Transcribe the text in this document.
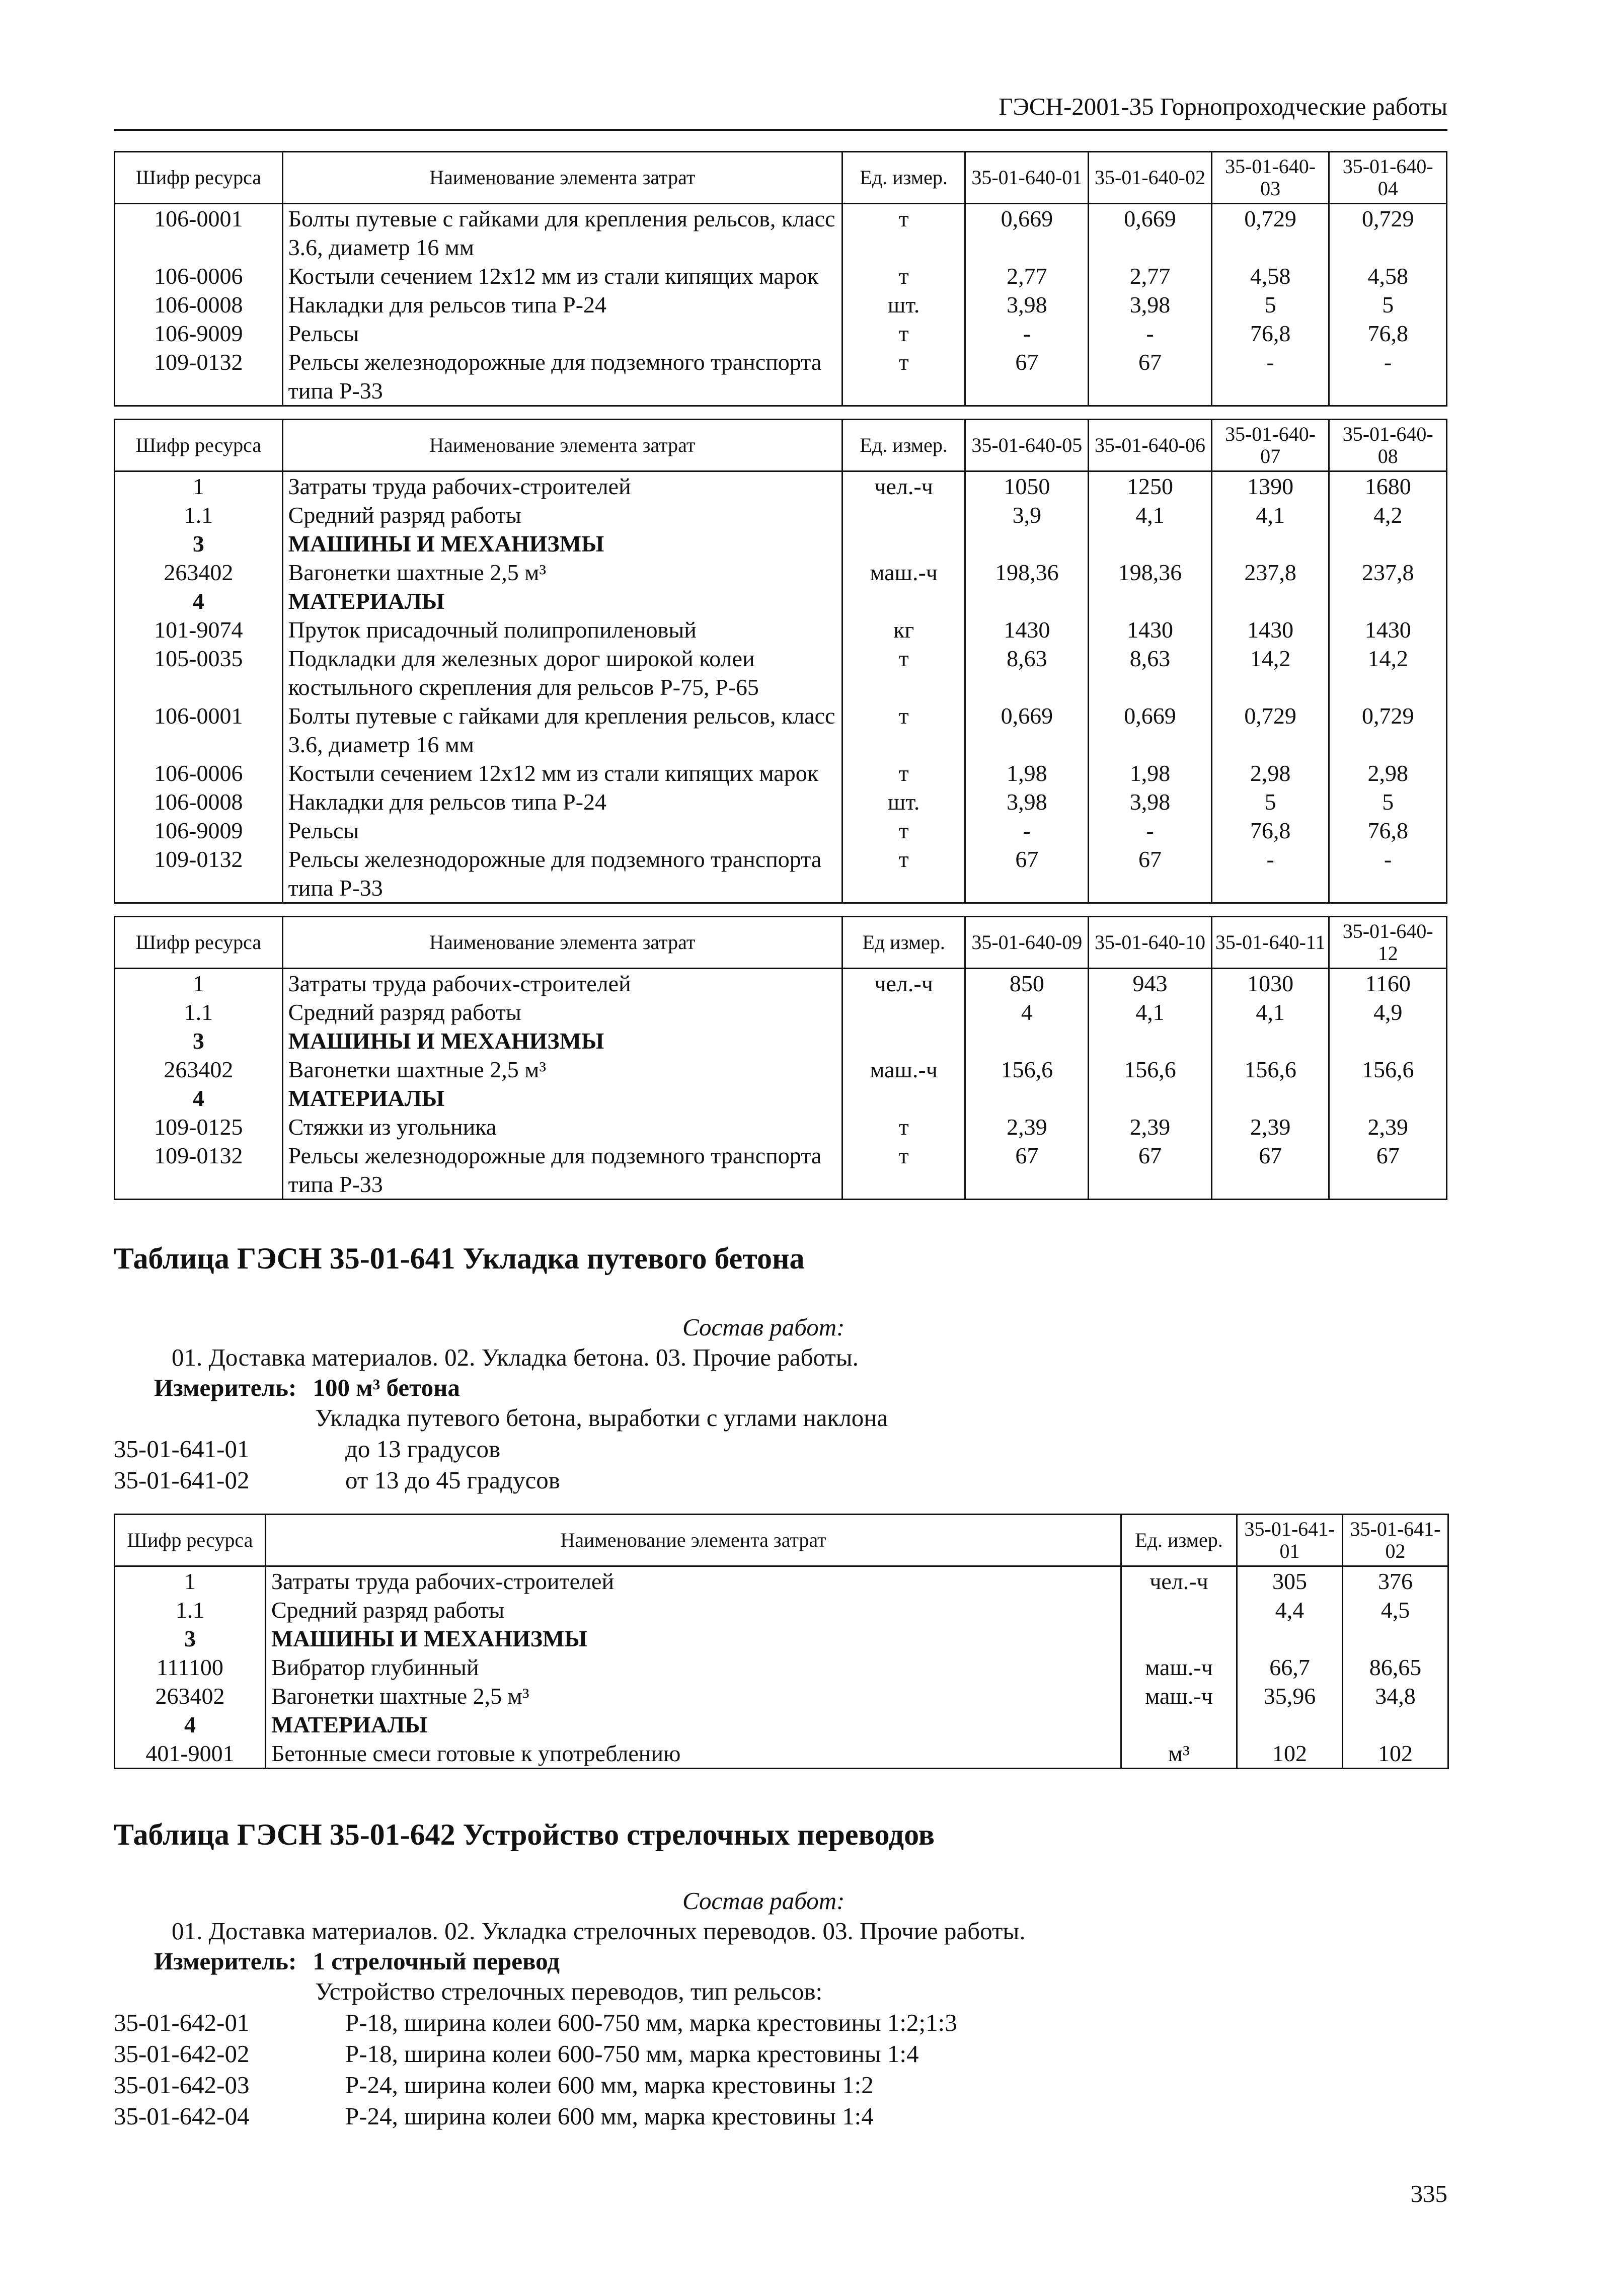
ГЭСН-2001-35 Горнопроходческие работы
Шифр ресурса	Наименование элемента затрат	Ед. измер.	35-01-640-01	35-01-640-02	35-01-640-03	35-01-640-04
106-0001	Болты путевые с гайками для крепления рельсов, класс 3.6, диаметр 16 мм	т	0,669	0,669	0,729	0,729
106-0006	Костыли сечением 12х12 мм из стали кипящих марок	т	2,77	2,77	4,58	4,58
106-0008	Накладки для рельсов типа Р-24	шт.	3,98	3,98	5	5
106-9009	Рельсы	т	-	-	76,8	76,8
109-0132	Рельсы железнодорожные для подземного транспорта типа Р-33	т	67	67	-	-
Шифр ресурса	Наименование элемента затрат	Ед. измер.	35-01-640-05	35-01-640-06	35-01-640-07	35-01-640-08
1	Затраты труда рабочих-строителей	чел.-ч	1050	1250	1390	1680
1.1	Средний разряд работы		3,9	4,1	4,1	4,2
3	МАШИНЫ И МЕХАНИЗМЫ					
263402	Вагонетки шахтные 2,5 м³	маш.-ч	198,36	198,36	237,8	237,8
4	МАТЕРИАЛЫ					
101-9074	Пруток присадочный полипропиленовый	кг	1430	1430	1430	1430
105-0035	Подкладки для железных дорог широкой колеи костыльного скрепления для рельсов Р-75, Р-65	т	8,63	8,63	14,2	14,2
106-0001	Болты путевые с гайками для крепления рельсов, класс 3.6, диаметр 16 мм	т	0,669	0,669	0,729	0,729
106-0006	Костыли сечением 12х12 мм из стали кипящих марок	т	1,98	1,98	2,98	2,98
106-0008	Накладки для рельсов типа Р-24	шт.	3,98	3,98	5	5
106-9009	Рельсы	т	-	-	76,8	76,8
109-0132	Рельсы железнодорожные для подземного транспорта типа Р-33	т	67	67	-	-
Шифр ресурса	Наименование элемента затрат	Ед измер.	35-01-640-09	35-01-640-10	35-01-640-11	35-01-640-12
1	Затраты труда рабочих-строителей	чел.-ч	850	943	1030	1160
1.1	Средний разряд работы		4	4,1	4,1	4,9
3	МАШИНЫ И МЕХАНИЗМЫ					
263402	Вагонетки шахтные 2,5 м³	маш.-ч	156,6	156,6	156,6	156,6
4	МАТЕРИАЛЫ					
109-0125	Стяжки из угольника	т	2,39	2,39	2,39	2,39
109-0132	Рельсы железнодорожные для подземного транспорта типа Р-33	т	67	67	67	67
Таблица ГЭСН 35-01-641 Укладка путевого бетона
Состав работ:
01. Доставка материалов. 02. Укладка бетона. 03. Прочие работы.
Измеритель: 100 м³ бетона
Укладка путевого бетона, выработки с углами наклона
35-01-641-01	до 13 градусов
35-01-641-02	от 13 до 45 градусов
Шифр ресурса	Наименование элемента затрат	Ед. измер.	35-01-641-01	35-01-641-02
1	Затраты труда рабочих-строителей	чел.-ч	305	376
1.1	Средний разряд работы		4,4	4,5
3	МАШИНЫ И МЕХАНИЗМЫ			
111100	Вибратор глубинный	маш.-ч	66,7	86,65
263402	Вагонетки шахтные 2,5 м³	маш.-ч	35,96	34,8
4	МАТЕРИАЛЫ			
401-9001	Бетонные смеси готовые к употреблению	м³	102	102
Таблица ГЭСН 35-01-642 Устройство стрелочных переводов
Состав работ:
01. Доставка материалов. 02. Укладка стрелочных переводов. 03. Прочие работы.
Измеритель: 1 стрелочный перевод
Устройство стрелочных переводов, тип рельсов:
35-01-642-01	Р-18, ширина колеи 600-750 мм, марка крестовины 1:2;1:3
35-01-642-02	Р-18, ширина колеи 600-750 мм, марка крестовины 1:4
35-01-642-03	Р-24, ширина колеи 600 мм, марка крестовины 1:2
35-01-642-04	Р-24, ширина колеи 600 мм, марка крестовины 1:4
335
